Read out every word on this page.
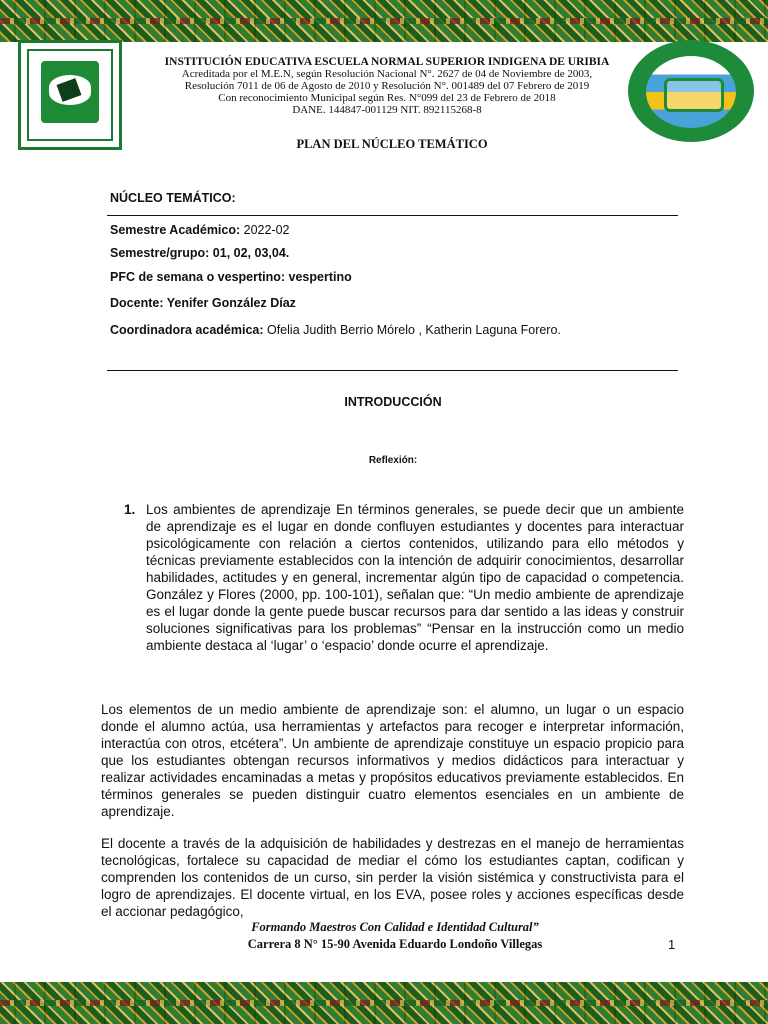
INSTITUCIÓN EDUCATIVA ESCUELA NORMAL SUPERIOR INDIGENA DE URIBIA
Acreditada por el M.E.N, según Resolución Nacional N°. 2627 de 04 de Noviembre de 2003,
Resolución 7011 de 06 de Agosto de 2010 y Resolución N°. 001489 del 07 Febrero de 2019
Con reconocimiento Municipal según Res. N°099 del 23 de Febrero de 2018
DANE. 144847-001129 NIT. 892115268-8
PLAN DEL NÚCLEO TEMÁTICO
NÚCLEO TEMÁTICO:
Semestre Académico: 2022-02
Semestre/grupo: 01, 02, 03,04.
PFC de semana o vespertino: vespertino
Docente: Yenifer González Díaz
Coordinadora académica: Ofelia Judith Berrio Mórelo , Katherin Laguna Forero.
INTRODUCCIÓN
Reflexión:
1. Los ambientes de aprendizaje En términos generales, se puede decir que un ambiente de aprendizaje es el lugar en donde confluyen estudiantes y docentes para interactuar psicológicamente con relación a ciertos contenidos, utilizando para ello métodos y técnicas previamente establecidos con la intención de adquirir conocimientos, desarrollar habilidades, actitudes y en general, incrementar algún tipo de capacidad o competencia. González y Flores (2000, pp. 100-101), señalan que: “Un medio ambiente de aprendizaje es el lugar donde la gente puede buscar recursos para dar sentido a las ideas y construir soluciones significativas para los problemas” “Pensar en la instrucción como un medio ambiente destaca al ‘lugar’ o ‘espacio’ donde ocurre el aprendizaje.
Los elementos de un medio ambiente de aprendizaje son: el alumno, un lugar o un espacio donde el alumno actúa, usa herramientas y artefactos para recoger e interpretar información, interactúa con otros, etcétera”. Un ambiente de aprendizaje constituye un espacio propicio para que los estudiantes obtengan recursos informativos y medios didácticos para interactuar y realizar actividades encaminadas a metas y propósitos educativos previamente establecidos. En términos generales se pueden distinguir cuatro elementos esenciales en un ambiente de aprendizaje.
El docente a través de la adquisición de habilidades y destrezas en el manejo de herramientas tecnológicas, fortalece su capacidad de mediar el cómo los estudiantes captan, codifican y comprenden los contenidos de un curso, sin perder la visión sistémica y constructivista para el logro de aprendizajes. El docente virtual, en los EVA, posee roles y acciones específicas desde el accionar pedagógico,
Formando Maestros Con Calidad e Identidad Cultural”
Carrera 8 N° 15-90 Avenida Eduardo Londoño Villegas	1
